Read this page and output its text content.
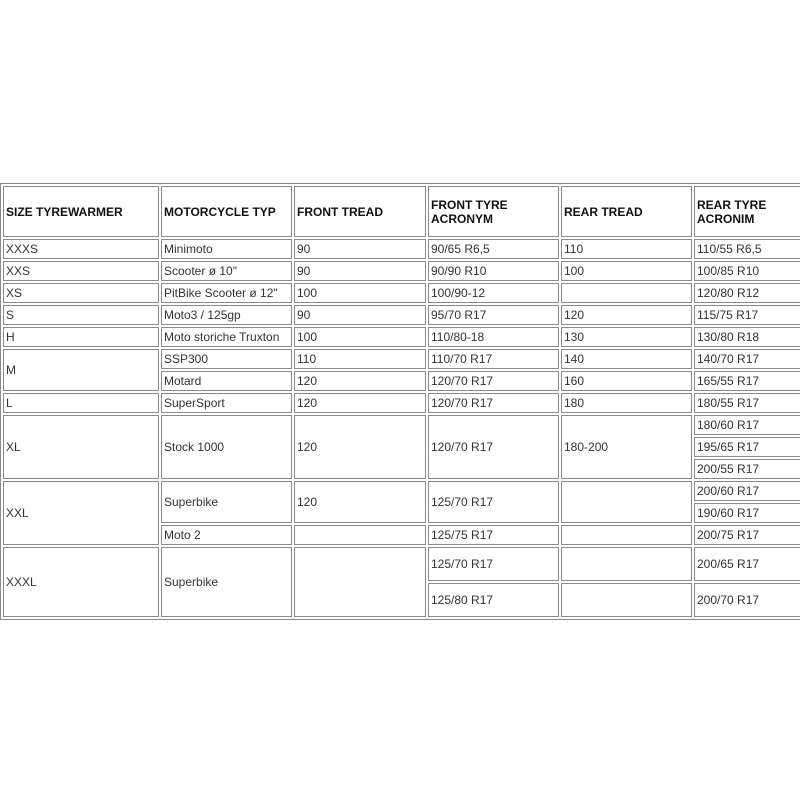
SIZE TYREWARMER	MOTORCYCLE TYP	FRONT TREAD	FRONT TYRE ACRONYM	REAR TREAD	REAR TYRE ACRONIM
XXXS	Minimoto	90	90/65 R6,5	110	110/55 R6,5
XXS	Scooter ø 10"	90	90/90 R10	100	100/85 R10
XS	PitBike Scooter ø 12"	100	100/90-12		120/80 R12
S	Moto3 / 125gp	90	95/70 R17	120	115/75 R17
H	Moto storiche Truxton	100	110/80-18	130	130/80 R18
M	SSP300	110	110/70 R17	140	140/70 R17
	Motard	120	120/70 R17	160	165/55 R17
L	SuperSport	120	120/70 R17	180	180/55 R17
XL	Stock 1000	120	120/70 R17	180-200	180/60 R17
					195/65 R17
					200/55 R17
XXL	Superbike	120	125/70 R17		200/60 R17
					190/60 R17
	Moto 2		125/75 R17		200/75 R17
XXXL	Superbike		125/70 R17		200/65 R17
			125/80 R17		200/70 R17
